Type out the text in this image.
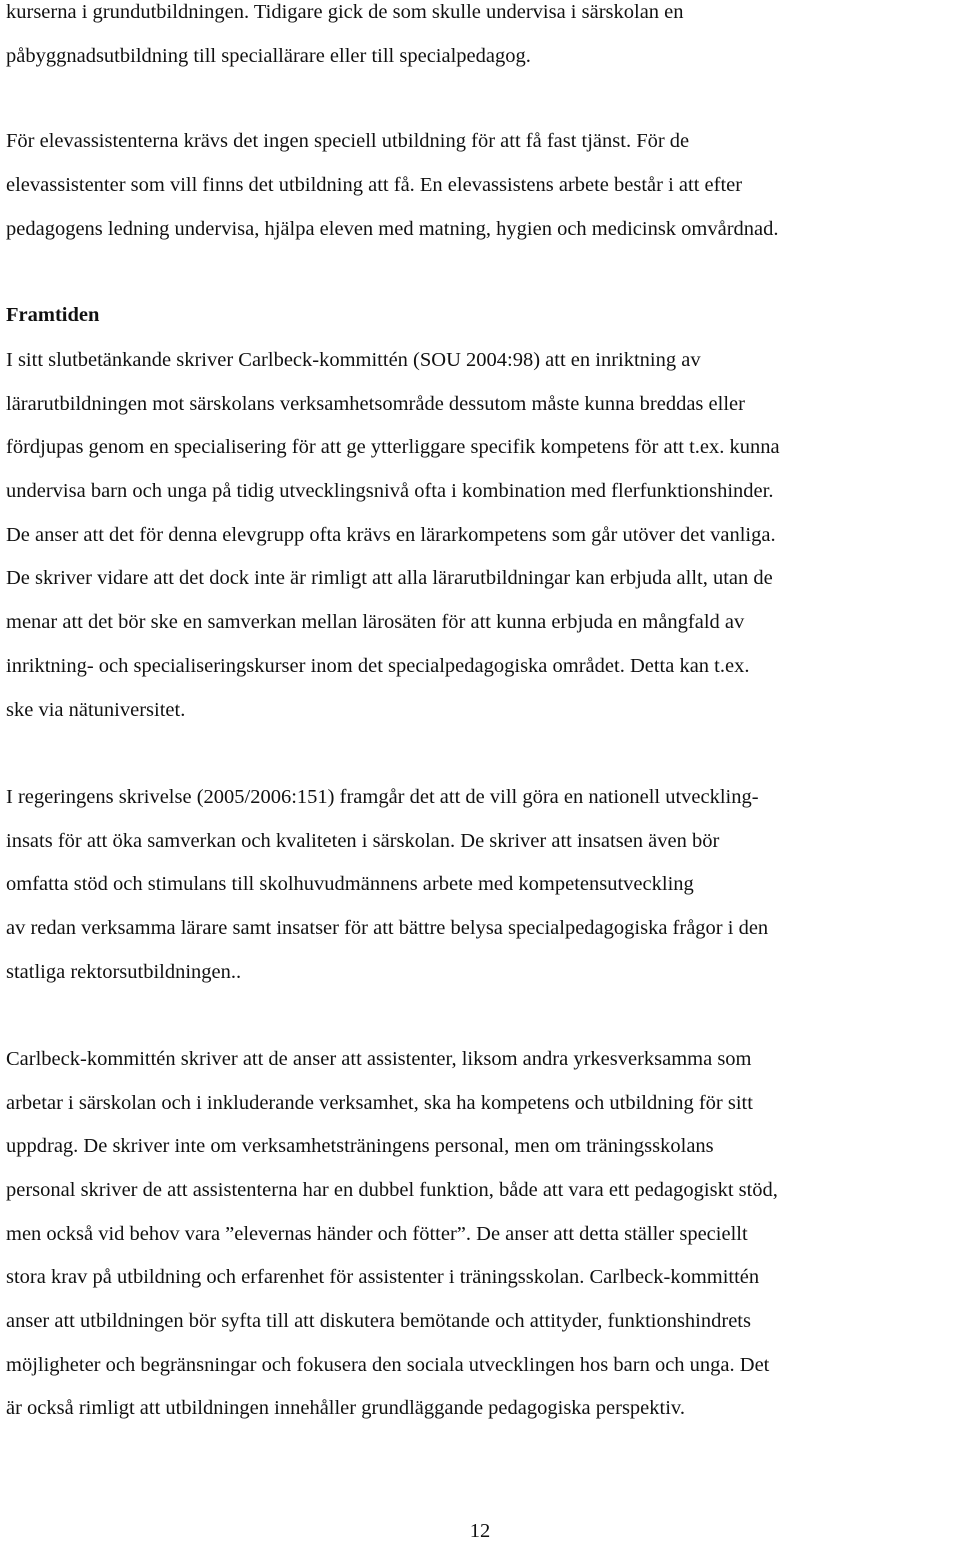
kurserna i grundutbildningen. Tidigare gick de som skulle undervisa i särskolan en
påbyggnadsutbildning till speciallärare eller till specialpedagog.
För elevassistenterna krävs det ingen speciell utbildning för att få fast tjänst. För de
elevassistenter som vill finns det utbildning att få. En elevassistens arbete består i att efter
pedagogens ledning undervisa, hjälpa eleven med matning, hygien och medicinsk omvårdnad.
Framtiden
I sitt slutbetänkande skriver Carlbeck-kommittén (SOU 2004:98) att en inriktning av
lärarutbildningen mot särskolans verksamhetsområde dessutom måste kunna breddas eller
fördjupas genom en specialisering för att ge ytterliggare specifik kompetens för att t.ex. kunna
undervisa barn och unga på tidig utvecklingsnivå ofta i kombination med flerfunktionshinder.
De anser att det för denna elevgrupp ofta krävs en lärarkompetens som går utöver det vanliga.
De skriver vidare att det dock inte är rimligt att alla lärarutbildningar kan erbjuda allt, utan de
menar att det bör ske en samverkan mellan lärosäten för att kunna erbjuda en mångfald av
inriktning- och specialiseringskurser inom det specialpedagogiska området. Detta kan t.ex.
ske via nätuniversitet.
I regeringens skrivelse (2005/2006:151) framgår det att de vill göra en nationell utveckling-
insats för att öka samverkan och kvaliteten i särskolan. De skriver att insatsen även bör
omfatta stöd och stimulans till skolhuvudmännens arbete med kompetensutveckling
av redan verksamma lärare samt insatser för att bättre belysa specialpedagogiska frågor i den
statliga rektorsutbildningen..
Carlbeck-kommittén skriver att de anser att assistenter, liksom andra yrkesverksamma som
arbetar i särskolan och i inkluderande verksamhet, ska ha kompetens och utbildning för sitt
uppdrag. De skriver inte om verksamhetsträningens personal, men om träningsskolans
personal skriver de att assistenterna har en dubbel funktion, både att vara ett pedagogiskt stöd,
men också vid behov vara ”elevernas händer och fötter”. De anser att detta ställer speciellt
stora krav på utbildning och erfarenhet för assistenter i träningsskolan. Carlbeck-kommittén
anser att utbildningen bör syfta till att diskutera bemötande och attityder, funktionshindrets
möjligheter och begränsningar och fokusera den sociala utvecklingen hos barn och unga. Det
är också rimligt att utbildningen innehåller grundläggande pedagogiska perspektiv.
12
